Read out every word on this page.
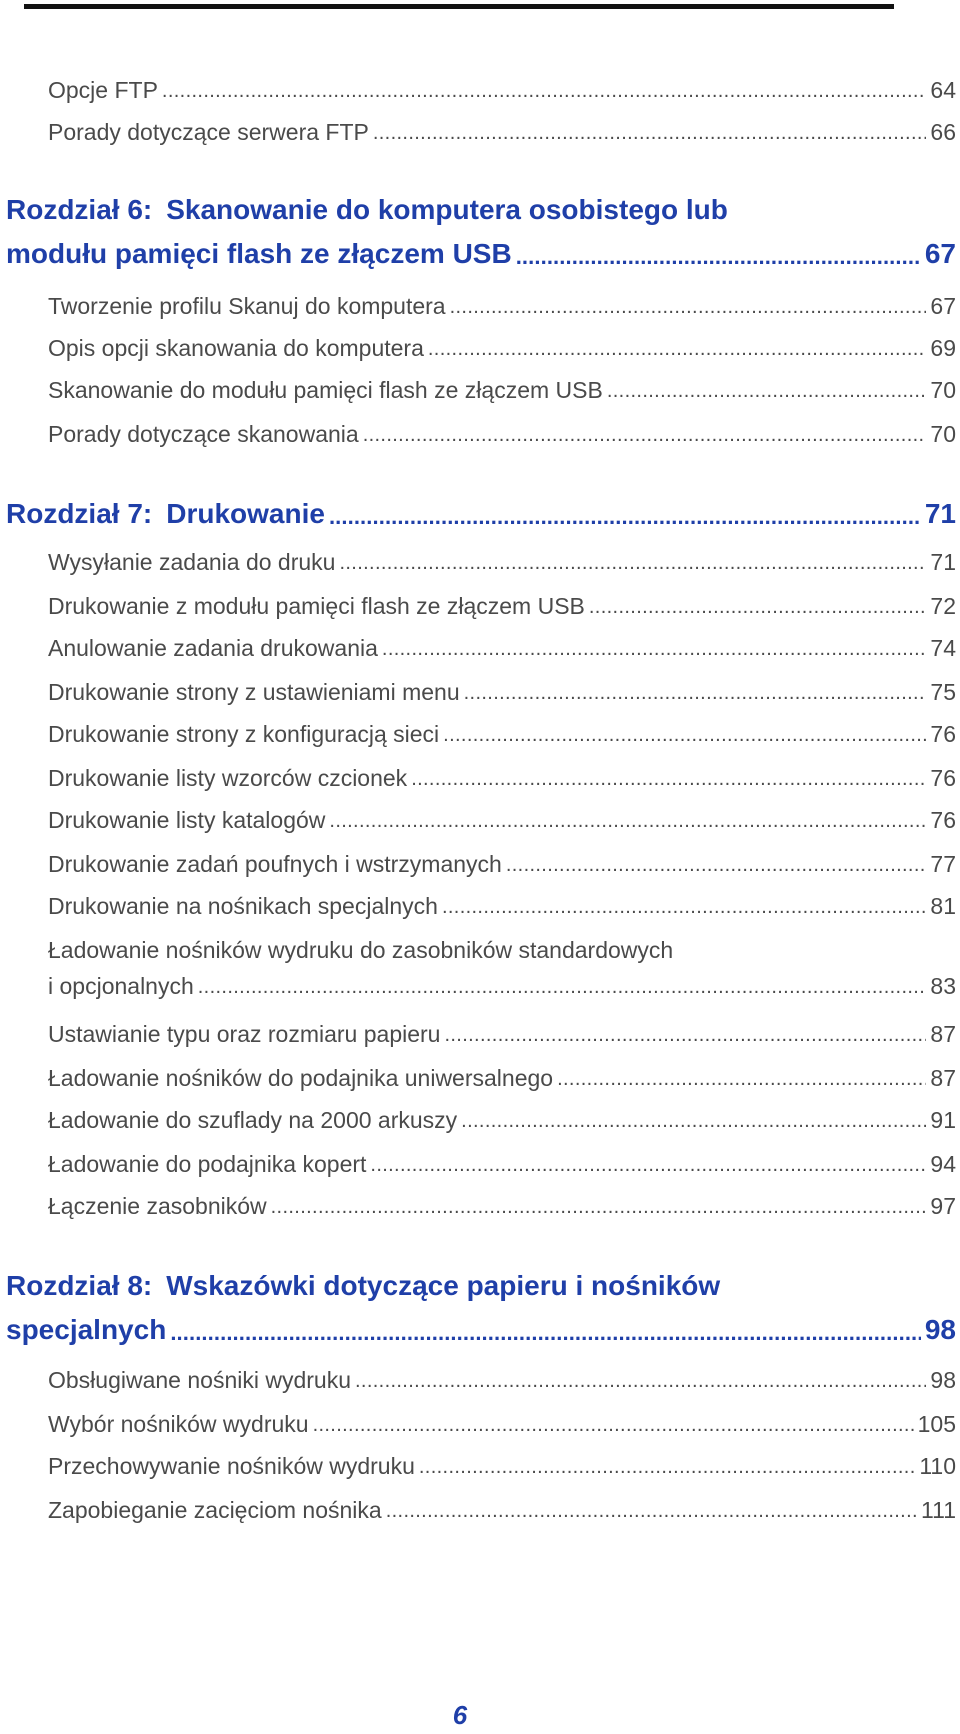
Opcje FTP . . .	64
Porady dotyczące serwera FTP . . .	66
Rozdział 6: Skanowanie do komputera osobistego lub
modułu pamięci flash ze złączem USB . . .	67
Tworzenie profilu Skanuj do komputera . . .	67
Opis opcji skanowania do komputera . . .	69
Skanowanie do modułu pamięci flash ze złączem USB . . .	70
Porady dotyczące skanowania . . .	70
Rozdział 7: Drukowanie . . .	71
Wysyłanie zadania do druku . . .	71
Drukowanie z modułu pamięci flash ze złączem USB . . .	72
Anulowanie zadania drukowania . . .	74
Drukowanie strony z ustawieniami menu . . .	75
Drukowanie strony z konfiguracją sieci . . .	76
Drukowanie listy wzorców czcionek . . .	76
Drukowanie listy katalogów . . .	76
Drukowanie zadań poufnych i wstrzymanych . . .	77
Drukowanie na nośnikach specjalnych . . .	81
Ładowanie nośników wydruku do zasobników standardowych
i opcjonalnych . . .	83
Ustawianie typu oraz rozmiaru papieru . . .	87
Ładowanie nośników do podajnika uniwersalnego . . .	87
Ładowanie do szuflady na 2000 arkuszy . . .	91
Ładowanie do podajnika kopert . . .	94
Łączenie zasobników . . .	97
Rozdział 8: Wskazówki dotyczące papieru i nośników
specjalnych . . .	98
Obsługiwane nośniki wydruku . . .	98
Wybór nośników wydruku . . .	105
Przechowywanie nośników wydruku . . .	110
Zapobieganie zacięciom nośnika . . .	111
6
